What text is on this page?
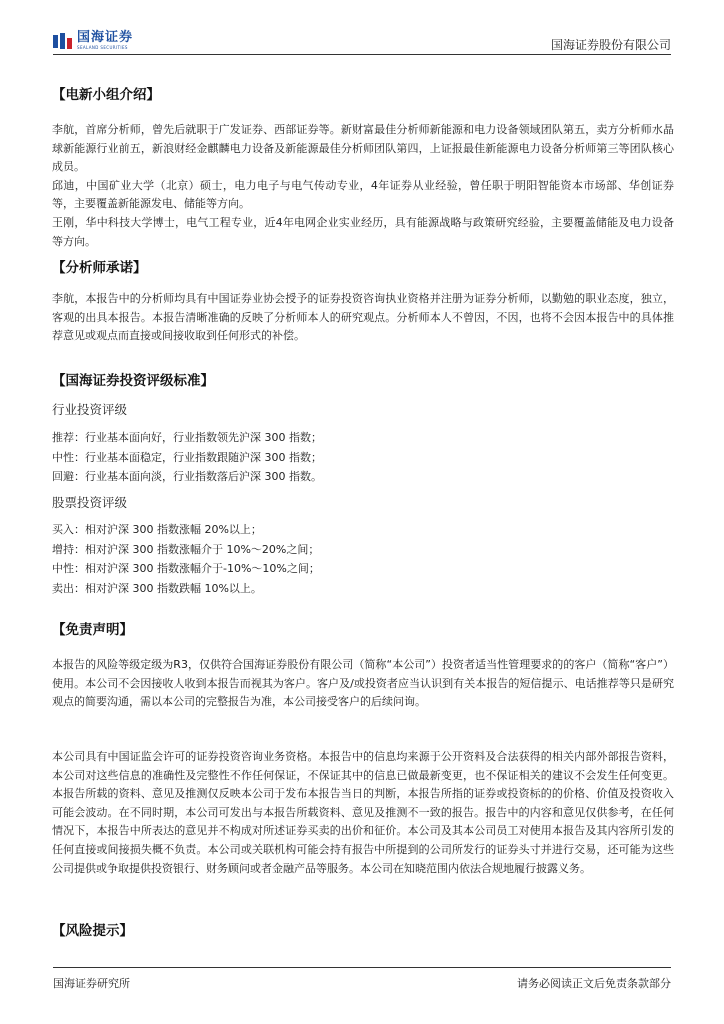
国海证券
SEALAND SECURITIES	国海证券股份有限公司
【电新小组介绍】

李航，首席分析师，曾先后就职于广发证券、西部证券等。新财富最佳分析师新能源和电力设备领域团队第五，卖方分析师水晶球新能源行业前五，新浪财经金麒麟电力设备及新能源最佳分析师团队第四，上证报最佳新能源电力设备分析师第三等团队核心成员。

邱迪，中国矿业大学（北京）硕士，电力电子与电气传动专业，4年证券从业经验，曾任职于明阳智能资本市场部、华创证券等，主要覆盖新能源发电、储能等方向。

王刚，华中科技大学博士，电气工程专业，近4年电网企业实业经历，具有能源战略与政策研究经验，主要覆盖储能及电力设备等方向。

【分析师承诺】

李航，本报告中的分析师均具有中国证券业协会授予的证券投资咨询执业资格并注册为证券分析师，以勤勉的职业态度，独立，客观的出具本报告。本报告清晰准确的反映了分析师本人的研究观点。分析师本人不曾因，不因，也将不会因本报告中的具体推荐意见或观点而直接或间接收取到任何形式的补偿。

【国海证券投资评级标准】
行业投资评级
推荐：行业基本面向好，行业指数领先沪深 300 指数；
中性：行业基本面稳定，行业指数跟随沪深 300 指数；
回避：行业基本面向淡，行业指数落后沪深 300 指数。
股票投资评级
买入：相对沪深 300 指数涨幅 20%以上；
增持：相对沪深 300 指数涨幅介于 10%～20%之间；
中性：相对沪深 300 指数涨幅介于-10%～10%之间；
卖出：相对沪深 300 指数跌幅 10%以上。
【免责声明】

本报告的风险等级定级为R3，仅供符合国海证券股份有限公司（简称“本公司”）投资者适当性管理要求的的客户（简称“客户”）使用。本公司不会因接收人收到本报告而视其为客户。客户及/或投资者应当认识到有关本报告的短信提示、电话推荐等只是研究观点的简要沟通，需以本公司的完整报告为准，本公司接受客户的后续问询。

本公司具有中国证监会许可的证券投资咨询业务资格。本报告中的信息均来源于公开资料及合法获得的相关内部外部报告资料，本公司对这些信息的准确性及完整性不作任何保证，不保证其中的信息已做最新变更，也不保证相关的建议不会发生任何变更。本报告所载的资料、意见及推测仅反映本公司于发布本报告当日的判断，本报告所指的证券或投资标的的价格、价值及投资收入可能会波动。在不同时期，本公司可发出与本报告所载资料、意见及推测不一致的报告。报告中的内容和意见仅供参考，在任何情况下，本报告中所表达的意见并不构成对所述证券买卖的出价和征价。本公司及其本公司员工对使用本报告及其内容所引发的任何直接或间接损失概不负责。本公司或关联机构可能会持有报告中所提到的公司所发行的证券头寸并进行交易，还可能为这些公司提供或争取提供投资银行、财务顾问或者金融产品等服务。本公司在知晓范围内依法合规地履行披露义务。

【风险提示】
国海证券研究所	请务必阅读正文后免责条款部分
